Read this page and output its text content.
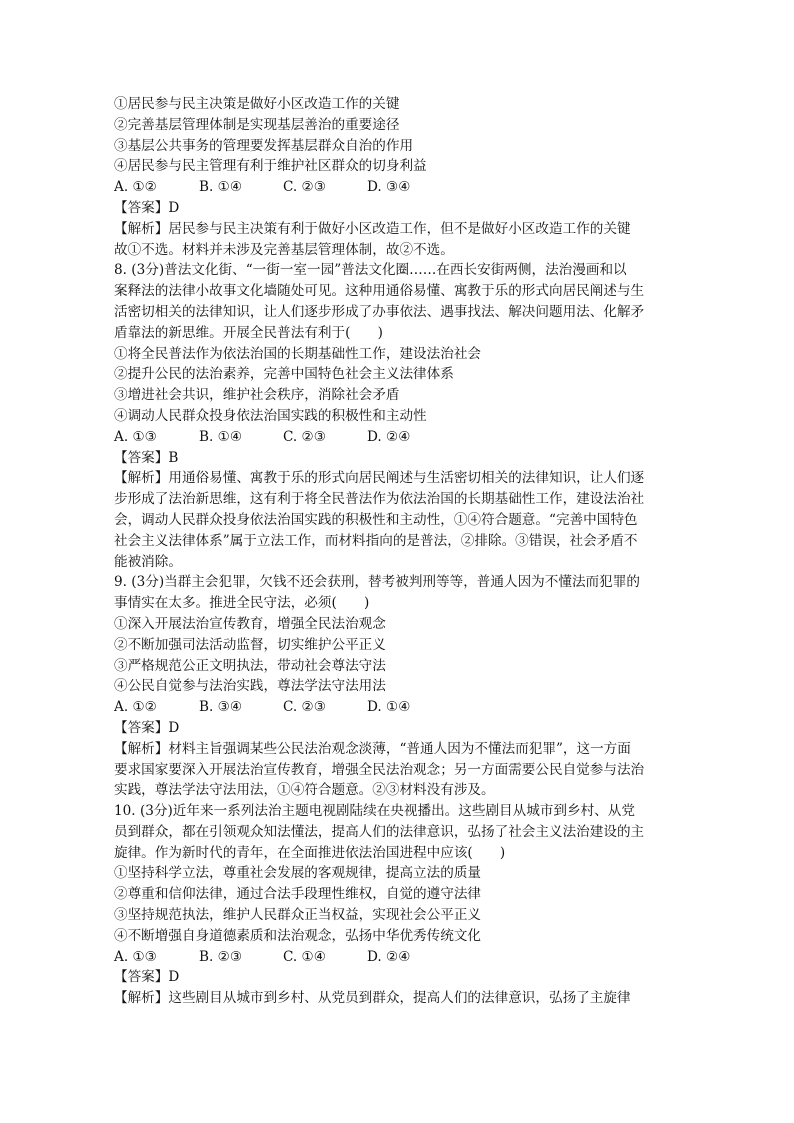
①居民参与民主决策是做好小区改造工作的关键
②完善基层管理体制是实现基层善治的重要途径
③基层公共事务的管理要发挥基层群众自治的作用
④居民参与民主管理有利于维护社区群众的切身利益
A. ①②	B. ①④	C. ②③	D. ③④
【答案】D
【解析】居民参与民主决策有利于做好小区改造工作，但不是做好小区改造工作的关键
故①不选。材料并未涉及完善基层管理体制，故②不选。
8. (3分)普法文化街、“一街一室一园”普法文化圈……在西长安街两侧，法治漫画和以
案释法的法律小故事文化墙随处可见。这种用通俗易懂、寓教于乐的形式向居民阐述与生
活密切相关的法律知识，让人们逐步形成了办事依法、遇事找法、解决问题用法、化解矛
盾靠法的新思维。开展全民普法有利于(　　)
①将全民普法作为依法治国的长期基础性工作，建设法治社会
②提升公民的法治素养，完善中国特色社会主义法律体系
③增进社会共识，维护社会秩序，消除社会矛盾
④调动人民群众投身依法治国实践的积极性和主动性
A. ①③	B. ①④	C. ②③	D. ②④
【答案】B
【解析】用通俗易懂、寓教于乐的形式向居民阐述与生活密切相关的法律知识，让人们逐
步形成了法治新思维，这有利于将全民普法作为依法治国的长期基础性工作，建设法治社
会，调动人民群众投身依法治国实践的积极性和主动性，①④符合题意。“完善中国特色
社会主义法律体系”属于立法工作，而材料指向的是普法，②排除。③错误，社会矛盾不
能被消除。
9. (3分)当群主会犯罪，欠钱不还会获刑，替考被判刑等等，普通人因为不懂法而犯罪的
事情实在太多。推进全民守法，必须(　　)
①深入开展法治宣传教育，增强全民法治观念
②不断加强司法活动监督，切实维护公平正义
③严格规范公正文明执法，带动社会尊法守法
④公民自觉参与法治实践，尊法学法守法用法
A. ①②	B. ③④	C. ②③	D. ①④
【答案】D
【解析】材料主旨强调某些公民法治观念淡薄，“普通人因为不懂法而犯罪”，这一方面
要求国家要深入开展法治宣传教育，增强全民法治观念；另一方面需要公民自觉参与法治
实践，尊法学法守法用法，①④符合题意。②③材料没有涉及。
10. (3分)近年来一系列法治主题电视剧陆续在央视播出。这些剧目从城市到乡村、从党
员到群众，都在引领观众知法懂法，提高人们的法律意识，弘扬了社会主义法治建设的主
旋律。作为新时代的青年，在全面推进依法治国进程中应该(　　)
①坚持科学立法，尊重社会发展的客观规律，提高立法的质量
②尊重和信仰法律，通过合法手段理性维权，自觉的遵守法律
③坚持规范执法，维护人民群众正当权益，实现社会公平正义
④不断增强自身道德素质和法治观念，弘扬中华优秀传统文化
A. ①③	B. ②③	C. ①④	D. ②④
【答案】D
【解析】这些剧目从城市到乡村、从党员到群众，提高人们的法律意识，弘扬了主旋律
